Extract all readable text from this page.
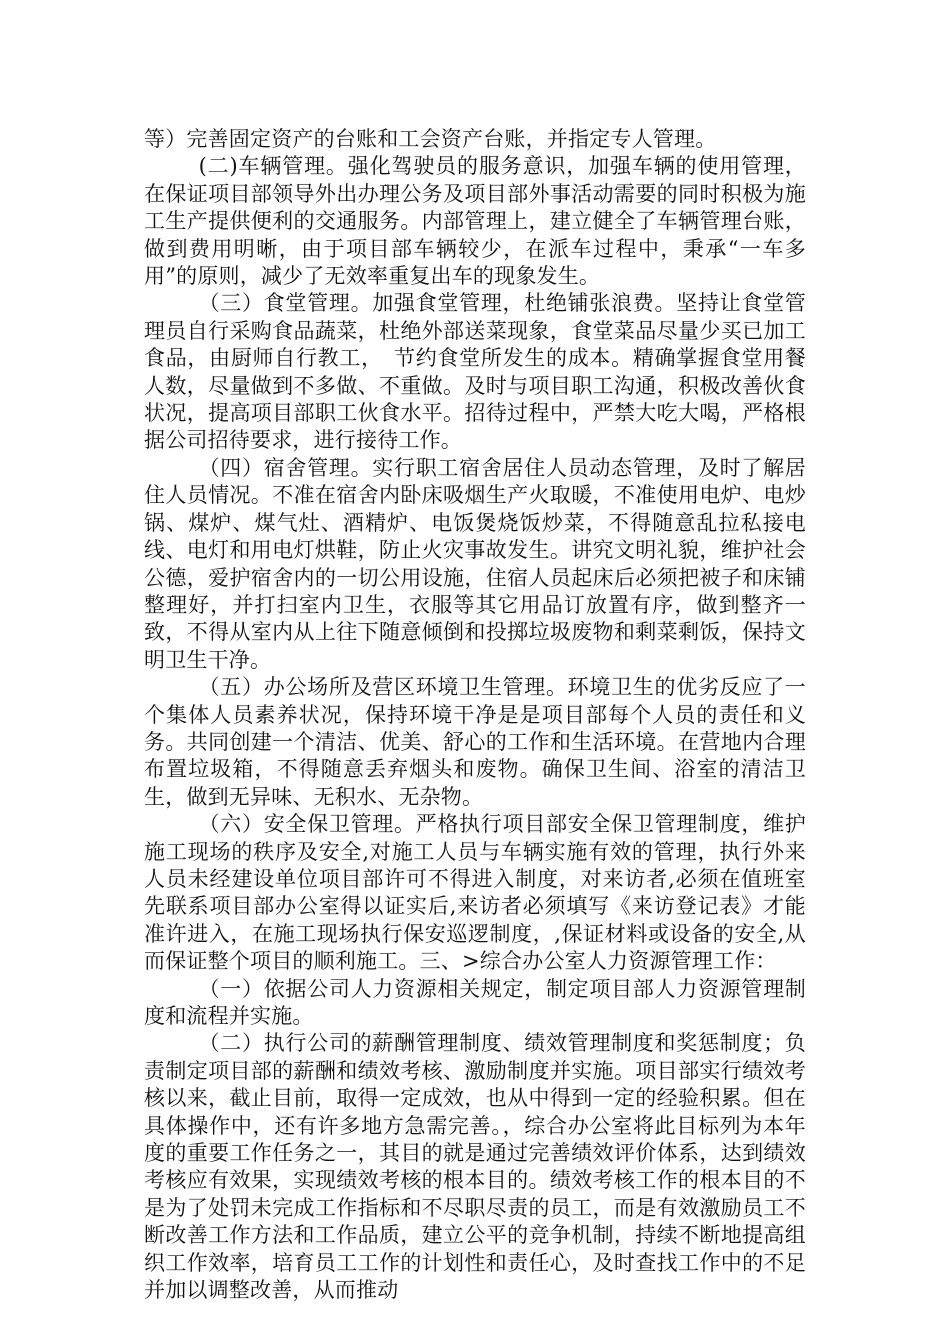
等）完善固定资产的台账和工会资产台账，并指定专人管理。

(二)车辆管理。强化驾驶员的服务意识，加强车辆的使用管理，在保证项目部领导外出办理公务及项目部外事活动需要的同时积极为施工生产提供便利的交通服务。内部管理上，建立健全了车辆管理台账，做到费用明晰，由于项目部车辆较少，在派车过程中，秉承“一车多用”的原则，减少了无效率重复出车的现象发生。

（三）食堂管理。加强食堂管理，杜绝铺张浪费。坚持让食堂管理员自行采购食品蔬菜，杜绝外部送菜现象，食堂菜品尽量少买已加工食品，由厨师自行教工，　节约食堂所发生的成本。精确掌握食堂用餐人数，尽量做到不多做、不重做。及时与项目职工沟通，积极改善伙食状况，提高项目部职工伙食水平。招待过程中，严禁大吃大喝，严格根据公司招待要求，进行接待工作。

（四）宿舍管理。实行职工宿舍居住人员动态管理，及时了解居住人员情况。不准在宿舍内卧床吸烟生产火取暖，不准使用电炉、电炒锅、煤炉、煤气灶、酒精炉、电饭煲烧饭炒菜，不得随意乱拉私接电线、电灯和用电灯烘鞋，防止火灾事故发生。讲究文明礼貌，维护社会公德，爱护宿舍内的一切公用设施，住宿人员起床后必须把被子和床铺整理好，并打扫室内卫生，衣服等其它用品订放置有序，做到整齐一致，不得从室内从上往下随意倾倒和投掷垃圾废物和剩菜剩饭，保持文明卫生干净。

（五）办公场所及营区环境卫生管理。环境卫生的优劣反应了一个集体人员素养状况，保持环境干净是是项目部每个人员的责任和义务。共同创建一个清洁、优美、舒心的工作和生活环境。在营地内合理布置垃圾箱，不得随意丢弃烟头和废物。确保卫生间、浴室的清洁卫生，做到无异味、无积水、无杂物。

（六）安全保卫管理。严格执行项目部安全保卫管理制度，维护施工现场的秩序及安全,对施工人员与车辆实施有效的管理，执行外来人员未经建设单位项目部许可不得进入制度，对来访者,必须在值班室先联系项目部办公室得以证实后,来访者必须填写《来访登记表》才能准许进入，在施工现场执行保安巡逻制度，,保证材料或设备的安全,从而保证整个项目的顺利施工。三、>综合办公室人力资源管理工作：

（一）依据公司人力资源相关规定，制定项目部人力资源管理制度和流程并实施。

（二）执行公司的薪酬管理制度、绩效管理制度和奖惩制度；负责制定项目部的薪酬和绩效考核、激励制度并实施。项目部实行绩效考核以来，截止目前，取得一定成效，也从中得到一定的经验积累。但在具体操作中，还有许多地方急需完善。，综合办公室将此目标列为本年度的重要工作任务之一，其目的就是通过完善绩效评价体系，达到绩效考核应有效果，实现绩效考核的根本目的。绩效考核工作的根本目的不是为了处罚未完成工作指标和不尽职尽责的员工，而是有效激励员工不断改善工作方法和工作品质，建立公平的竞争机制，持续不断地提高组织工作效率，培育员工工作的计划性和责任心，及时查找工作中的不足并加以调整改善，从而推动
